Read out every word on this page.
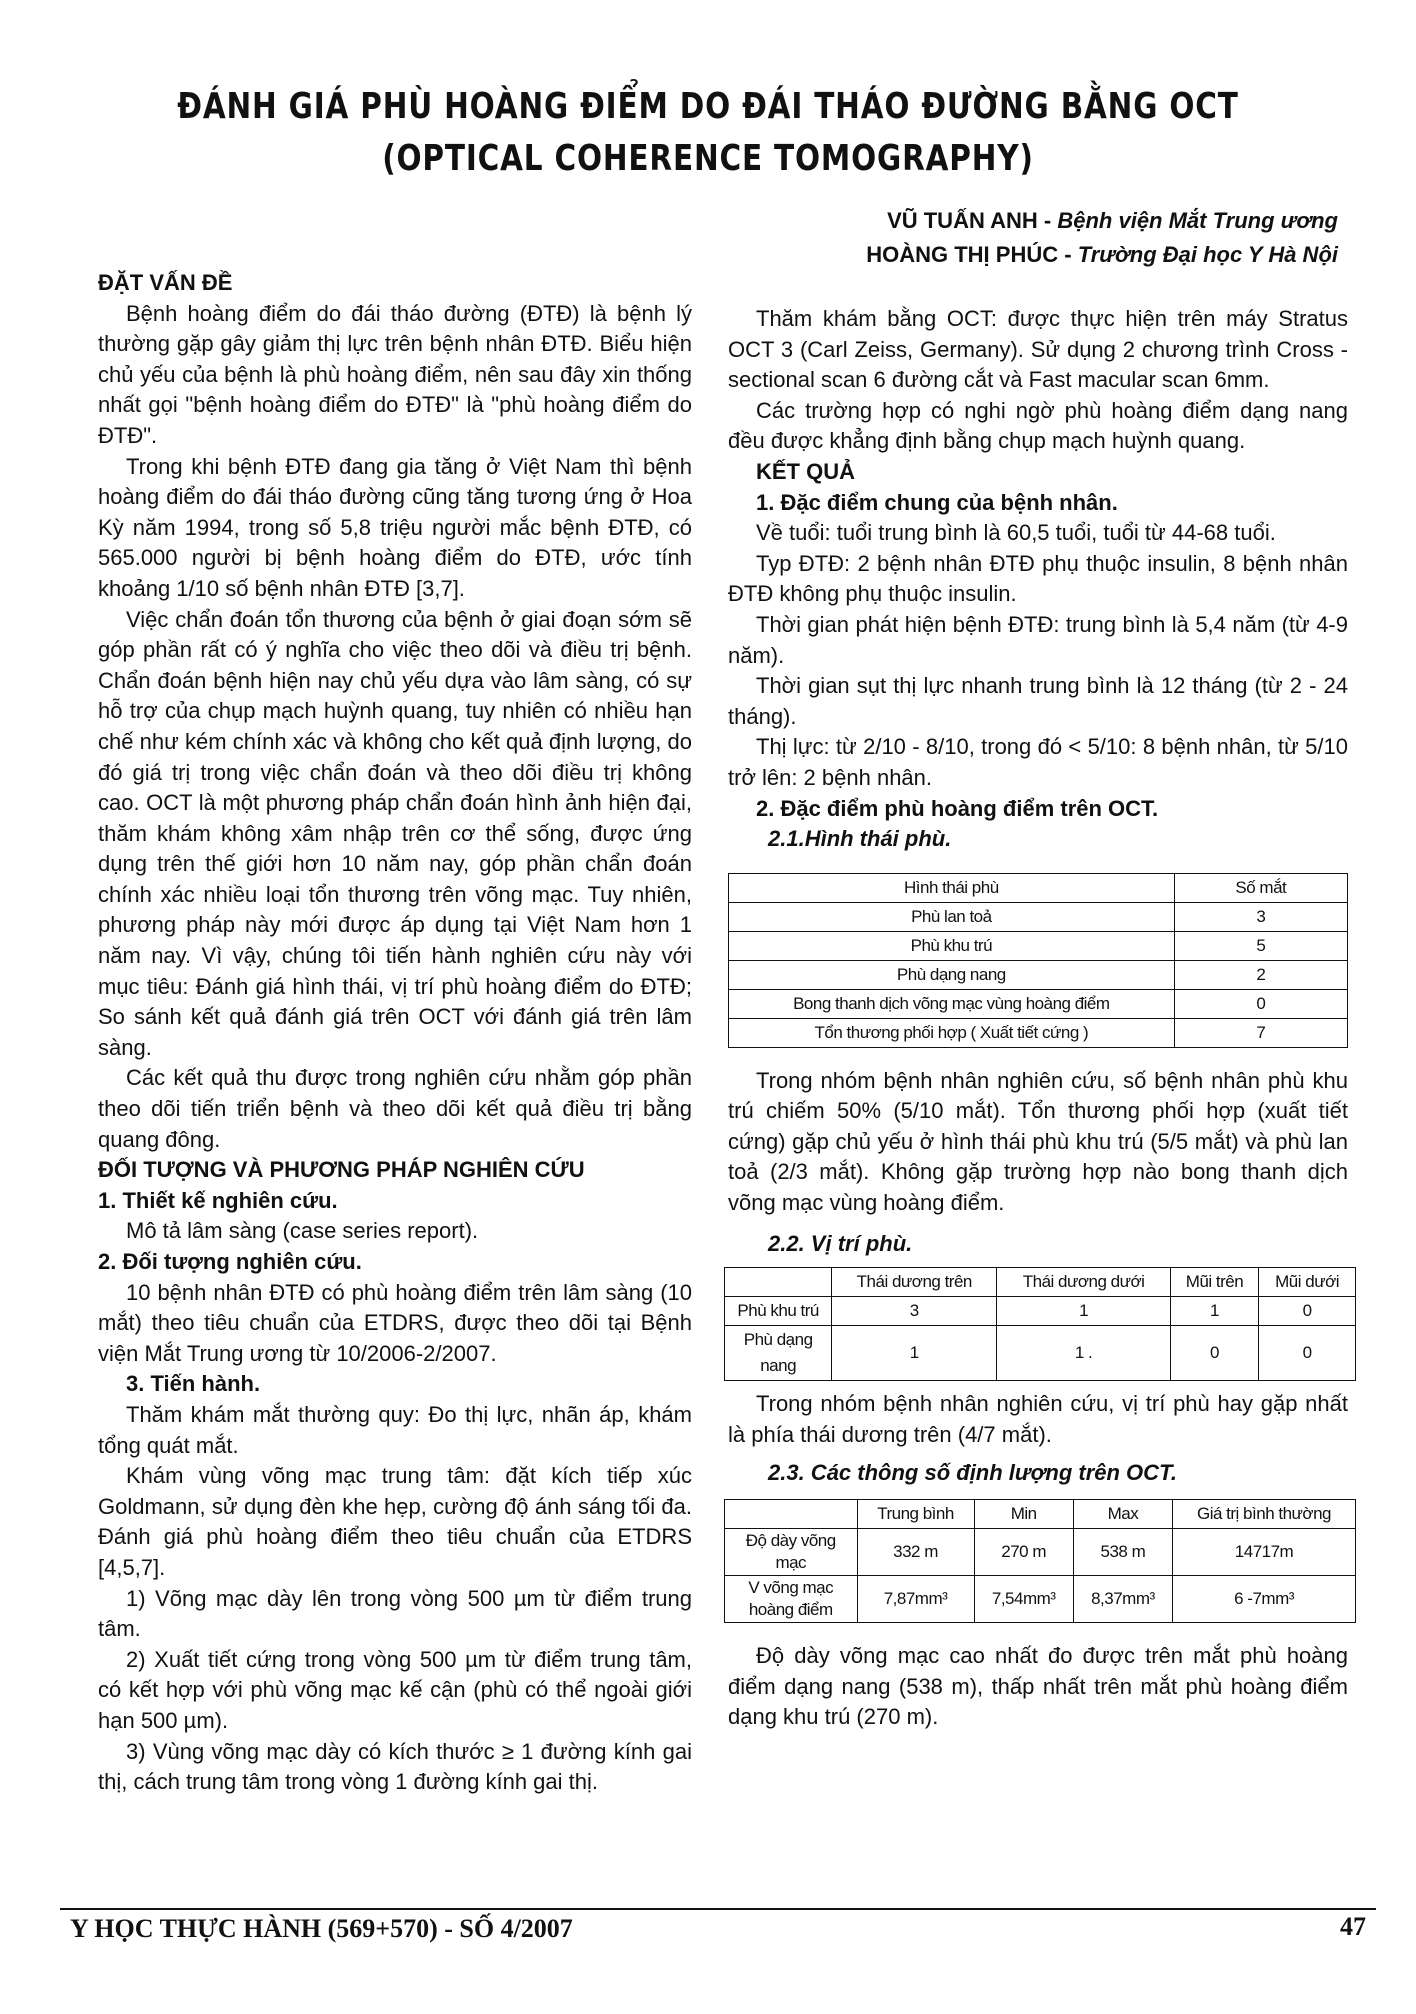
ĐÁNH GIÁ PHÙ HOÀNG ĐIỂM DO ĐÁI THÁO ĐƯỜNG BẰNG OCT
(OPTICAL COHERENCE TOMOGRAPHY)
VŨ TUẤN ANH - Bệnh viện Mắt Trung ương
HOÀNG THỊ PHÚC - Trường Đại học Y Hà Nội
ĐẶT VẤN ĐỀ

Bệnh hoàng điểm do đái tháo đường (ĐTĐ) là bệnh lý thường gặp gây giảm thị lực trên bệnh nhân ĐTĐ. Biểu hiện chủ yếu của bệnh là phù hoàng điểm, nên sau đây xin thống nhất gọi "bệnh hoàng điểm do ĐTĐ" là "phù hoàng điểm do ĐTĐ".

Trong khi bệnh ĐTĐ đang gia tăng ở Việt Nam thì bệnh hoàng điểm do đái tháo đường cũng tăng tương ứng ở Hoa Kỳ năm 1994, trong số 5,8 triệu người mắc bệnh ĐTĐ, có 565.000 người bị bệnh hoàng điểm do ĐTĐ, ước tính khoảng 1/10 số bệnh nhân ĐTĐ [3,7].

Việc chẩn đoán tổn thương của bệnh ở giai đoạn sớm sẽ góp phần rất có ý nghĩa cho việc theo dõi và điều trị bệnh. Chẩn đoán bệnh hiện nay chủ yếu dựa vào lâm sàng, có sự hỗ trợ của chụp mạch huỳnh quang, tuy nhiên có nhiều hạn chế như kém chính xác và không cho kết quả định lượng, do đó giá trị trong việc chẩn đoán và theo dõi điều trị không cao. OCT là một phương pháp chẩn đoán hình ảnh hiện đại, thăm khám không xâm nhập trên cơ thể sống, được ứng dụng trên thế giới hơn 10 năm nay, góp phần chẩn đoán chính xác nhiều loại tổn thương trên võng mạc. Tuy nhiên, phương pháp này mới được áp dụng tại Việt Nam hơn 1 năm nay. Vì vậy, chúng tôi tiến hành nghiên cứu này với mục tiêu: Đánh giá hình thái, vị trí phù hoàng điểm do ĐTĐ; So sánh kết quả đánh giá trên OCT với đánh giá trên lâm sàng.

Các kết quả thu được trong nghiên cứu nhằm góp phần theo dõi tiến triển bệnh và theo dõi kết quả điều trị bằng quang đông.

ĐỐI TƯỢNG VÀ PHƯƠNG PHÁP NGHIÊN CỨU
1. Thiết kế nghiên cứu.

Mô tả lâm sàng (case series report).

2. Đối tượng nghiên cứu.

10 bệnh nhân ĐTĐ có phù hoàng điểm trên lâm sàng (10 mắt) theo tiêu chuẩn của ETDRS, được theo dõi tại Bệnh viện Mắt Trung ương từ 10/2006-2/2007.

3. Tiến hành.

Thăm khám mắt thường quy: Đo thị lực, nhãn áp, khám tổng quát mắt.

Khám vùng võng mạc trung tâm: đặt kích tiếp xúc Goldmann, sử dụng đèn khe hẹp, cường độ ánh sáng tối đa. Đánh giá phù hoàng điểm theo tiêu chuẩn của ETDRS [4,5,7].

1) Võng mạc dày lên trong vòng 500 µm từ điểm trung tâm.

2) Xuất tiết cứng trong vòng 500 µm từ điểm trung tâm, có kết hợp với phù võng mạc kế cận (phù có thể ngoài giới hạn 500 µm).

3) Vùng võng mạc dày có kích thước ≥ 1 đường kính gai thị, cách trung tâm trong vòng 1 đường kính gai thị.

Thăm khám bằng OCT: được thực hiện trên máy Stratus OCT 3 (Carl Zeiss, Germany). Sử dụng 2 chương trình Cross - sectional scan 6 đường cắt và Fast macular scan 6mm.

Các trường hợp có nghi ngờ phù hoàng điểm dạng nang đều được khẳng định bằng chụp mạch huỳnh quang.

KẾT QUẢ
1. Đặc điểm chung của bệnh nhân.

Về tuổi: tuổi trung bình là 60,5 tuổi, tuổi từ 44-68 tuổi.

Typ ĐTĐ: 2 bệnh nhân ĐTĐ phụ thuộc insulin, 8 bệnh nhân ĐTĐ không phụ thuộc insulin.

Thời gian phát hiện bệnh ĐTĐ: trung bình là 5,4 năm (từ 4-9 năm).

Thời gian sụt thị lực nhanh trung bình là 12 tháng (từ 2 - 24 tháng).

Thị lực: từ 2/10 - 8/10, trong đó < 5/10: 8 bệnh nhân, từ 5/10 trở lên: 2 bệnh nhân.

2. Đặc điểm phù hoàng điểm trên OCT.
2.1.Hình thái phù.
Hình thái phù	Số mắt
Phù lan toả	3
Phù khu trú	5
Phù dạng nang	2
Bong thanh dịch võng mạc vùng hoàng điểm	0
Tổn thương phối hợp ( Xuất tiết cứng )	7

Trong nhóm bệnh nhân nghiên cứu, số bệnh nhân phù khu trú chiếm 50% (5/10 mắt). Tổn thương phối hợp (xuất tiết cứng) gặp chủ yếu ở hình thái phù khu trú (5/5 mắt) và phù lan toả (2/3 mắt). Không gặp trường hợp nào bong thanh dịch võng mạc vùng hoàng điểm.

2.2. Vị trí phù.
	Thái dương trên	Thái dương dưới	Mũi trên	Mũi dưới
Phù khu trú	3	1	1	0
Phù dạng nang	1	1 .	0	0

Trong nhóm bệnh nhân nghiên cứu, vị trí phù hay gặp nhất là phía thái dương trên (4/7 mắt).

2.3. Các thông số định lượng trên OCT.
	Trung bình	Min	Max	Giá trị bình thường
Độ dày võng mạc	332 m	270 m	538 m	14717m
V võng mạc hoàng điểm	7,87mm³	7,54mm³	8,37mm³	6 -7mm³

Độ dày võng mạc cao nhất đo được trên mắt phù hoàng điểm dạng nang (538 m), thấp nhất trên mắt phù hoàng điểm dạng khu trú (270 m).

Y HỌC THỰC HÀNH (569+570) - SỐ 4/2007	47
